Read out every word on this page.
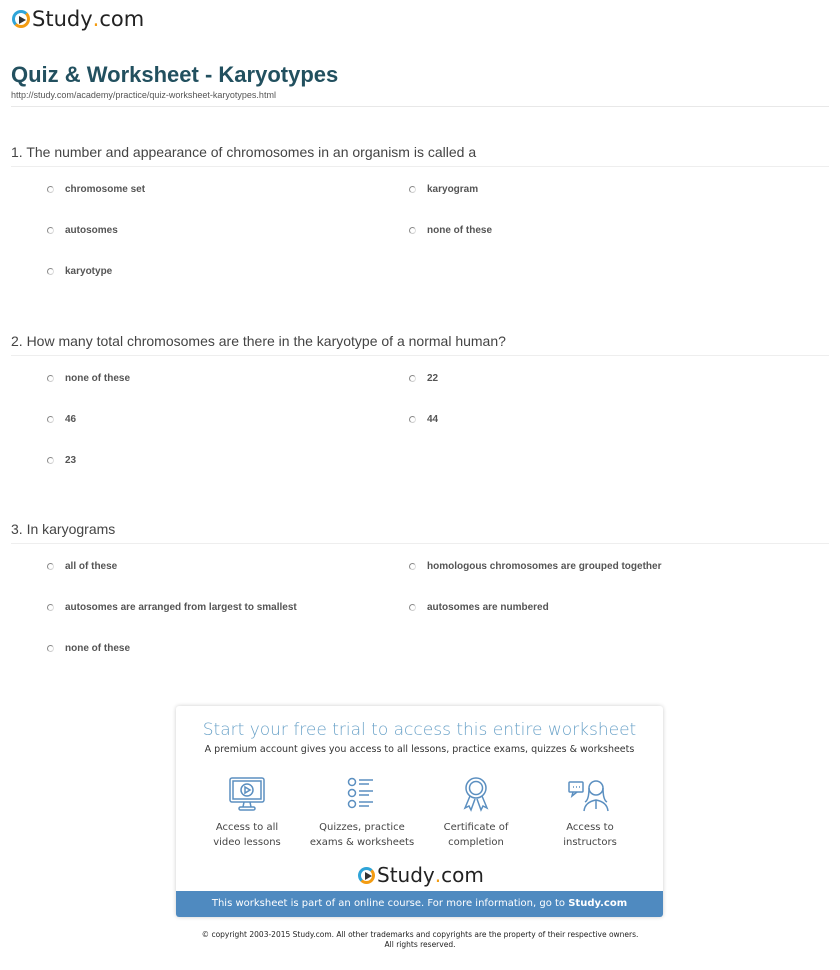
Study . com
Quiz & Worksheet - Karyotypes
http://study.com/academy/practice/quiz-worksheet-karyotypes.html
1. The number and appearance of chromosomes in an organism is called a
chromosome set	karyogram
autosomes	none of these
karyotype
2. How many total chromosomes are there in the karyotype of a normal human?
none of these	22
46	44
23
3. In karyograms
all of these	homologous chromosomes are grouped together
autosomes are arranged from largest to smallest	autosomes are numbered
none of these
Start your free trial to access this entire worksheet
A premium account gives you access to all lessons, practice exams, quizzes & worksheets
Access to all
video lessons
Quizzes, practice
exams & worksheets
Certificate of
completion
Access to
instructors
Study . com
This worksheet is part of an online course. For more information, go to Study.com
© copyright 2003-2015 Study.com. All other trademarks and copyrights are the property of their respective owners.
All rights reserved.
